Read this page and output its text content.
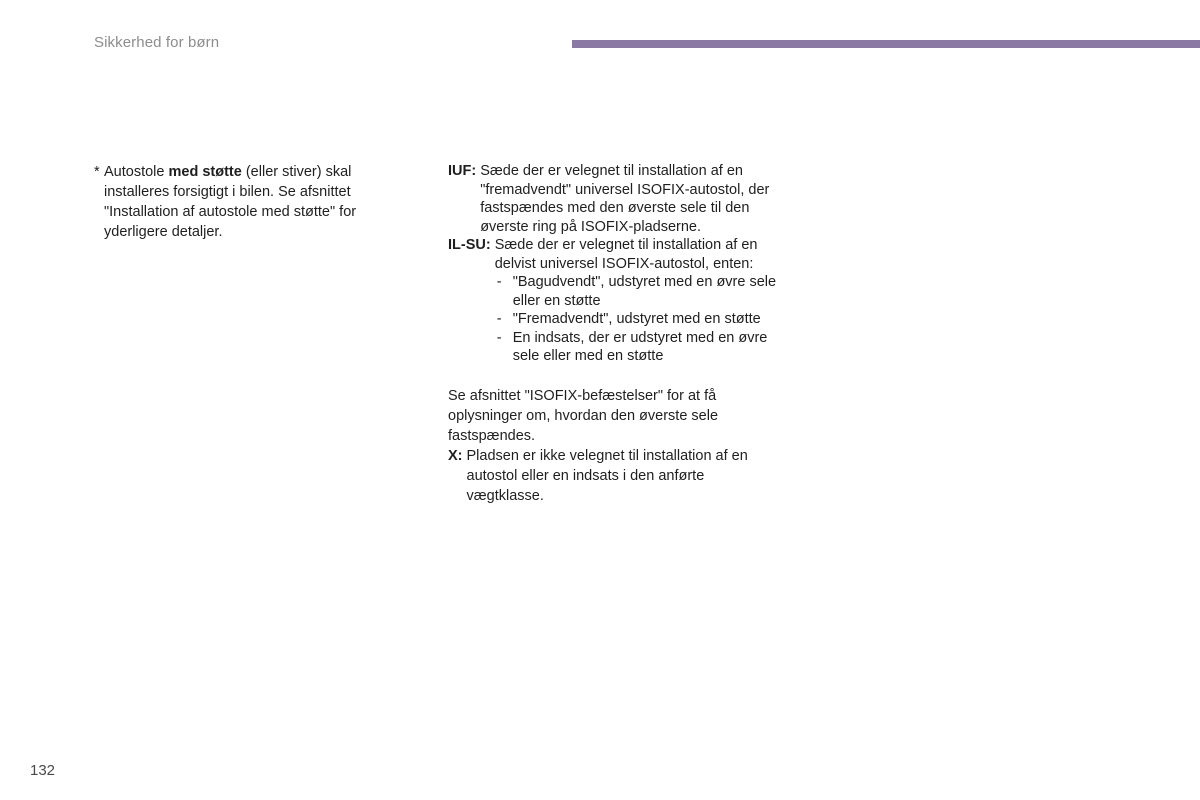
Sikkerhed for børn
* Autostole med støtte (eller stiver) skal installeres forsigtigt i bilen. Se afsnittet "Installation af autostole med støtte" for yderligere detaljer.
IUF: Sæde der er velegnet til installation af en "fremadvendt" universel ISOFIX-autostol, der fastspændes med den øverste sele til den øverste ring på ISOFIX-pladserne.
IL-SU: Sæde der er velegnet til installation af en delvist universel ISOFIX-autostol, enten:
- "Bagudvendt", udstyret med en øvre sele eller en støtte
- "Fremadvendt", udstyret med en støtte
- En indsats, der er udstyret med en øvre sele eller med en støtte
Se afsnittet "ISOFIX-befæstelser" for at få oplysninger om, hvordan den øverste sele fastspændes.
X: Pladsen er ikke velegnet til installation af en autostol eller en indsats i den anførte vægtklasse.
132
